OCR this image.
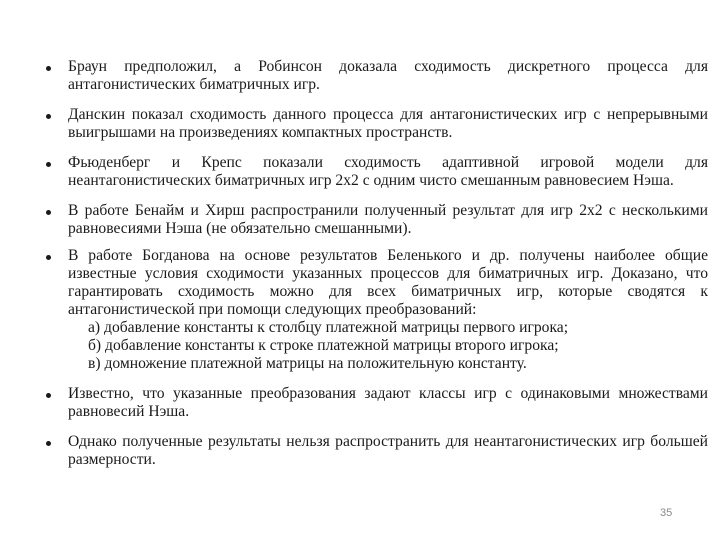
Браун предположил, а Робинсон доказала сходимость дискретного процесса для антагонистических биматричных игр.
Данскин показал сходимость данного процесса для антагонистических игр с непрерывными выигрышами на произведениях компактных пространств.
Фьюденберг и Крепс показали сходимость адаптивной игровой модели для неантагонистических биматричных игр 2x2 с одним чисто смешанным равновесием Нэша.
В работе Бенайм и Хирш распространили полученный результат для игр 2x2 с несколькими равновесиями Нэша (не обязательно смешанными).
В работе Богданова на основе результатов Беленького и др. получены наиболее общие известные условия сходимости указанных процессов для биматричных игр. Доказано, что гарантировать сходимость можно для всех биматричных игр, которые сводятся к антагонистической при помощи следующих преобразований:
а) добавление константы к столбцу платежной матрицы первого игрока;
б) добавление константы к строке платежной матрицы второго игрока;
в) домножение платежной матрицы на положительную константу.
Известно, что указанные преобразования задают классы игр с одинаковыми множествами равновесий Нэша.
Однако полученные результаты нельзя распространить для неантагонистических игр большей размерности.
35
